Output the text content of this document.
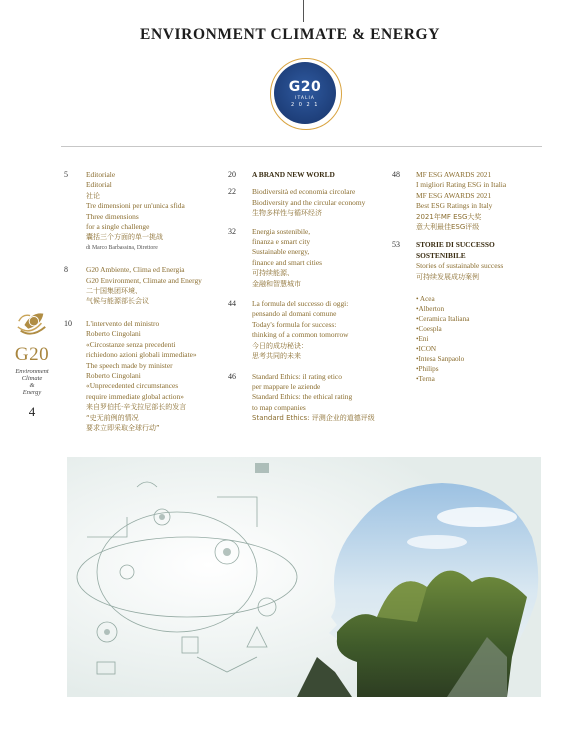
ENVIRONMENT CLIMATE & ENERGY
G20
ITALIA
2 0 2 1
G20
Environment
Climate
&
Energy
4
5	Editoriale
Editorial
社论
Tre dimensioni per un'unica sfida
Three dimensions
for a single challenge
囊括三个方面的单一挑战
di Marco Barbassina, Direttore
8	G20 Ambiente, Clima ed Energia
G20 Environment, Climate and Energy
二十国集团环境、
气候与能源部长会议
10	L'intervento del ministro
Roberto Cingolani
«Circostanze senza precedenti
richiedono azioni globali immediate»
The speech made by minister
Roberto Cingolani
«Unprecedented circumstances
require immediate global action»
来自罗伯托·辛戈拉尼部长的发言
“史无前例的情况
要求立即采取全球行动”
20	A BRAND NEW WORLD
22	Biodiversità ed economia circolare
Biodiversity and the circular economy
生物多样性与循环经济
32	Energia sostenibile,
finanza e smart city
Sustainable energy,
finance and smart cities
可持续能源、
金融和智慧城市
44	La formula del successo di oggi:
pensando al domani comune
Today's formula for success:
thinking of a common tomorrow
今日的成功秘诀：
思考共同的未来
46	Standard Ethics: il rating etico
per mappare le aziende
Standard Ethics: the ethical rating
to map companies
Standard Ethics: 评测企业的道德评级
48	MF ESG AWARDS 2021
I migliori Rating ESG in Italia
MF ESG AWARDS 2021
Best ESG Ratings in Italy
2021年MF ESG大奖
意大利最佳ESG评级
53	STORIE DI SUCCESSO
SOSTENIBILE
Stories of sustainable success
可持续发展成功案例
• Acea
•Alberton
•Ceramica Italiana
•Coesplа
•Eni
•ICON
•Intesa Sanpaolo
•Philips
•Terna
